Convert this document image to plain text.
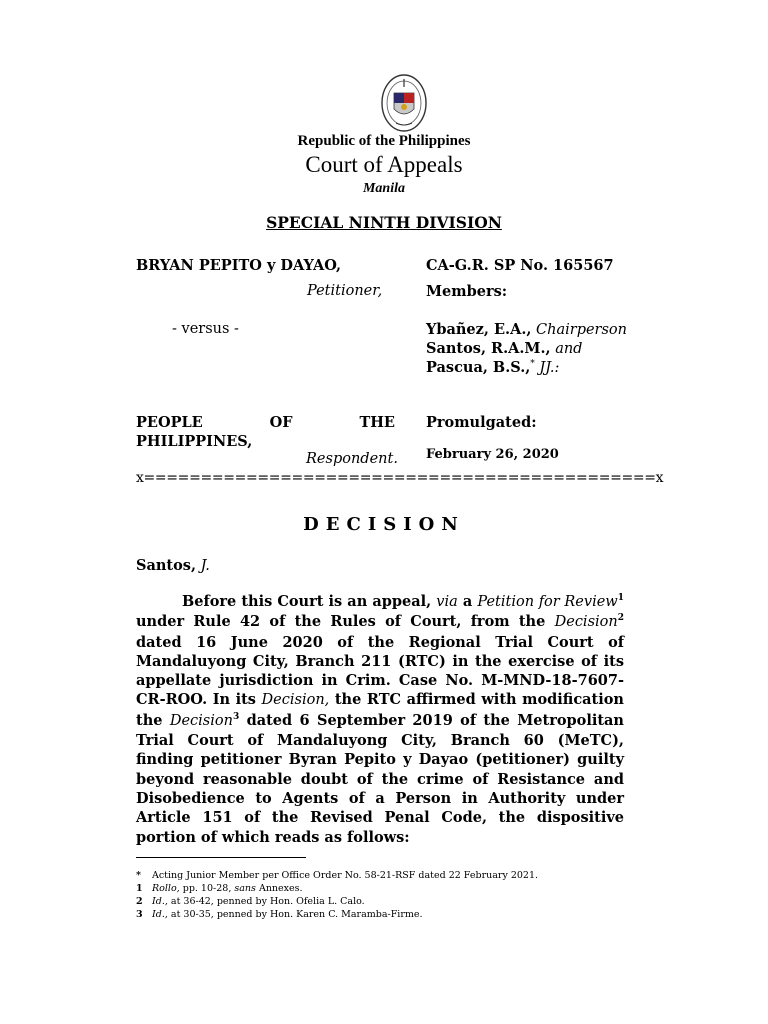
Republic of the Philippines
Court of Appeals
Manila
SPECIAL NINTH DIVISION
BRYAN PEPITO y DAYAO,
Petitioner,
- versus -
PEOPLE	OF	THE
PHILIPPINES,
Respondent.
CA-G.R. SP No. 165567
Members:
Ybañez, E.A., Chairperson
Santos, R.A.M., and
Pascua, B.S.,* JJ.:
Promulgated:
February 26, 2020
x=============================================x
DECISION
Santos, J.

Before this Court is an appeal, via a Petition for Review$^1$ under Rule 42 of the Rules of Court, from the Decision$^2$ dated 16 June 2020 of the Regional Trial Court of Mandaluyong City, Branch 211 (RTC) in the exercise of its appellate jurisdiction in Crim. Case No. M-MND-18-7607-CR-ROO. In its Decision, the RTC affirmed with modification the Decision$^3$ dated 6 September 2019 of the Metropolitan Trial Court of Mandaluyong City, Branch 60 (MeTC), finding petitioner Byran Pepito y Dayao (petitioner) guilty beyond reasonable doubt of the crime of Resistance and Disobedience to Agents of a Person in Authority under Article 151 of the Revised Penal Code, the dispositive portion of which reads as follows:

* Acting Junior Member per Office Order No. 58-21-RSF dated 22 February 2021.
1 Rollo, pp. 10-28, sans Annexes.
2 Id., at 36-42, penned by Hon. Ofelia L. Calo.
3 Id., at 30-35, penned by Hon. Karen C. Maramba-Firme.
